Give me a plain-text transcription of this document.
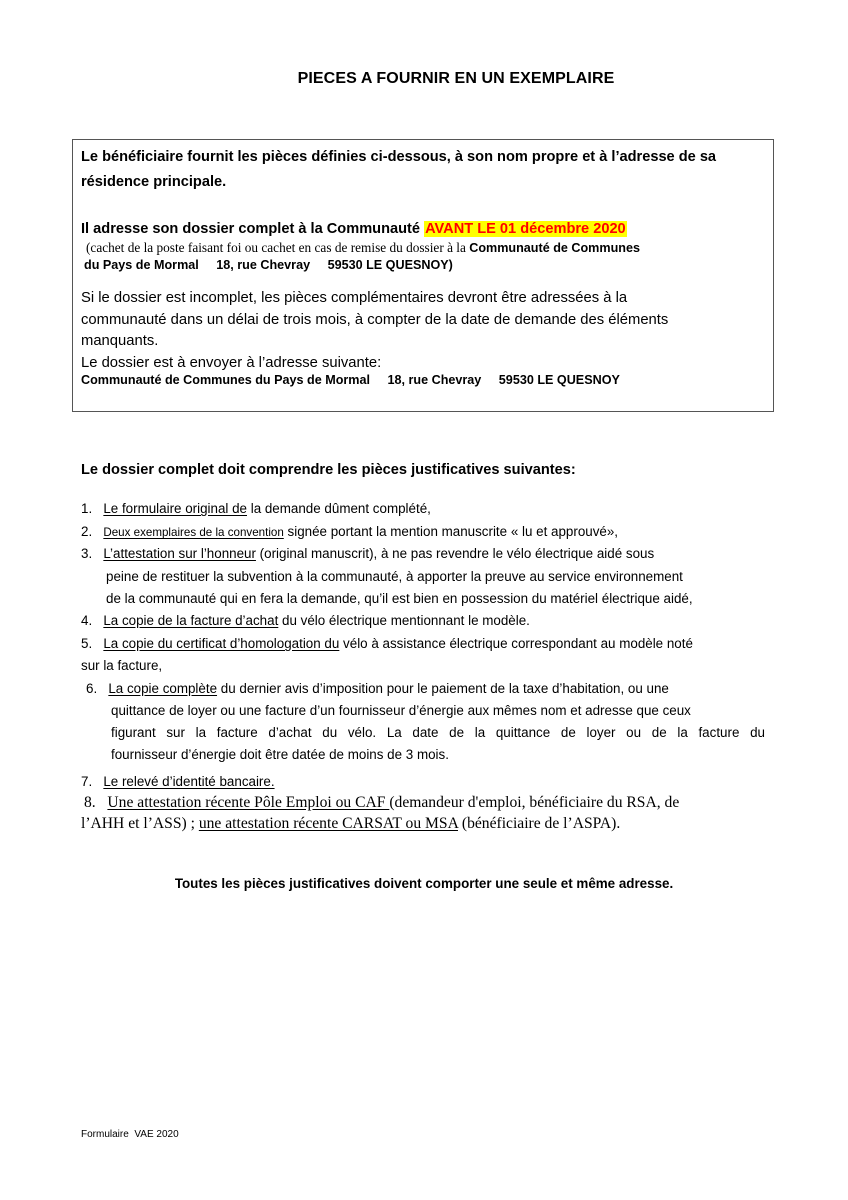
PIECES A FOURNIR EN UN EXEMPLAIRE
Le bénéficiaire fournit les pièces définies ci-dessous, à son nom propre et à l’adresse de sa
résidence principale.
Il adresse son dossier complet à la Communauté AVANT LE 01 décembre 2020
(cachet de la poste faisant foi ou cachet en cas de remise du dossier à la Communauté de Communes
du Pays de Mormal     18, rue Chevray     59530 LE QUESNOY)
Si le dossier est incomplet, les pièces complémentaires devront être adressées à la
communauté dans un délai de trois mois, à compter de la date de demande des éléments
manquants.
Le dossier est à envoyer à l’adresse suivante:
Communauté de Communes du Pays de Mormal     18, rue Chevray     59530 LE QUESNOY
Le dossier complet doit comprendre les pièces justificatives suivantes:
1. Le formulaire original de la demande dûment complété,
2. Deux exemplaires de la convention signée portant la mention manuscrite « lu et approuvé»,
3. L’attestation sur l’honneur (original manuscrit), à ne pas revendre le vélo électrique aidé sous
peine de restituer la subvention à la communauté, à apporter la preuve au service environnement
de la communauté qui en fera la demande, qu’il est bien en possession du matériel électrique aidé,
4. La copie de la facture d’achat du vélo électrique mentionnant le modèle.
5. La copie du certificat d’homologation du vélo à assistance électrique correspondant au modèle noté
sur la facture,
6. La copie complète du dernier avis d’imposition pour le paiement de la taxe d’habitation, ou une
quittance de loyer ou une facture d’un fournisseur d’énergie aux mêmes nom et adresse que ceux
figurant sur la facture d’achat du vélo. La date de la quittance de loyer ou de la facture du
fournisseur d’énergie doit être datée de moins de 3 mois.
7. Le relevé d’identité bancaire.
8. Une attestation récente Pôle Emploi ou CAF (demandeur d'emploi, bénéficiaire du RSA, de
l’AHH et l’ASS) ; une attestation récente CARSAT ou MSA (bénéficiaire de l’ASPA).
Toutes les pièces justificatives doivent comporter une seule et même adresse.
Formulaire  VAE 2020
